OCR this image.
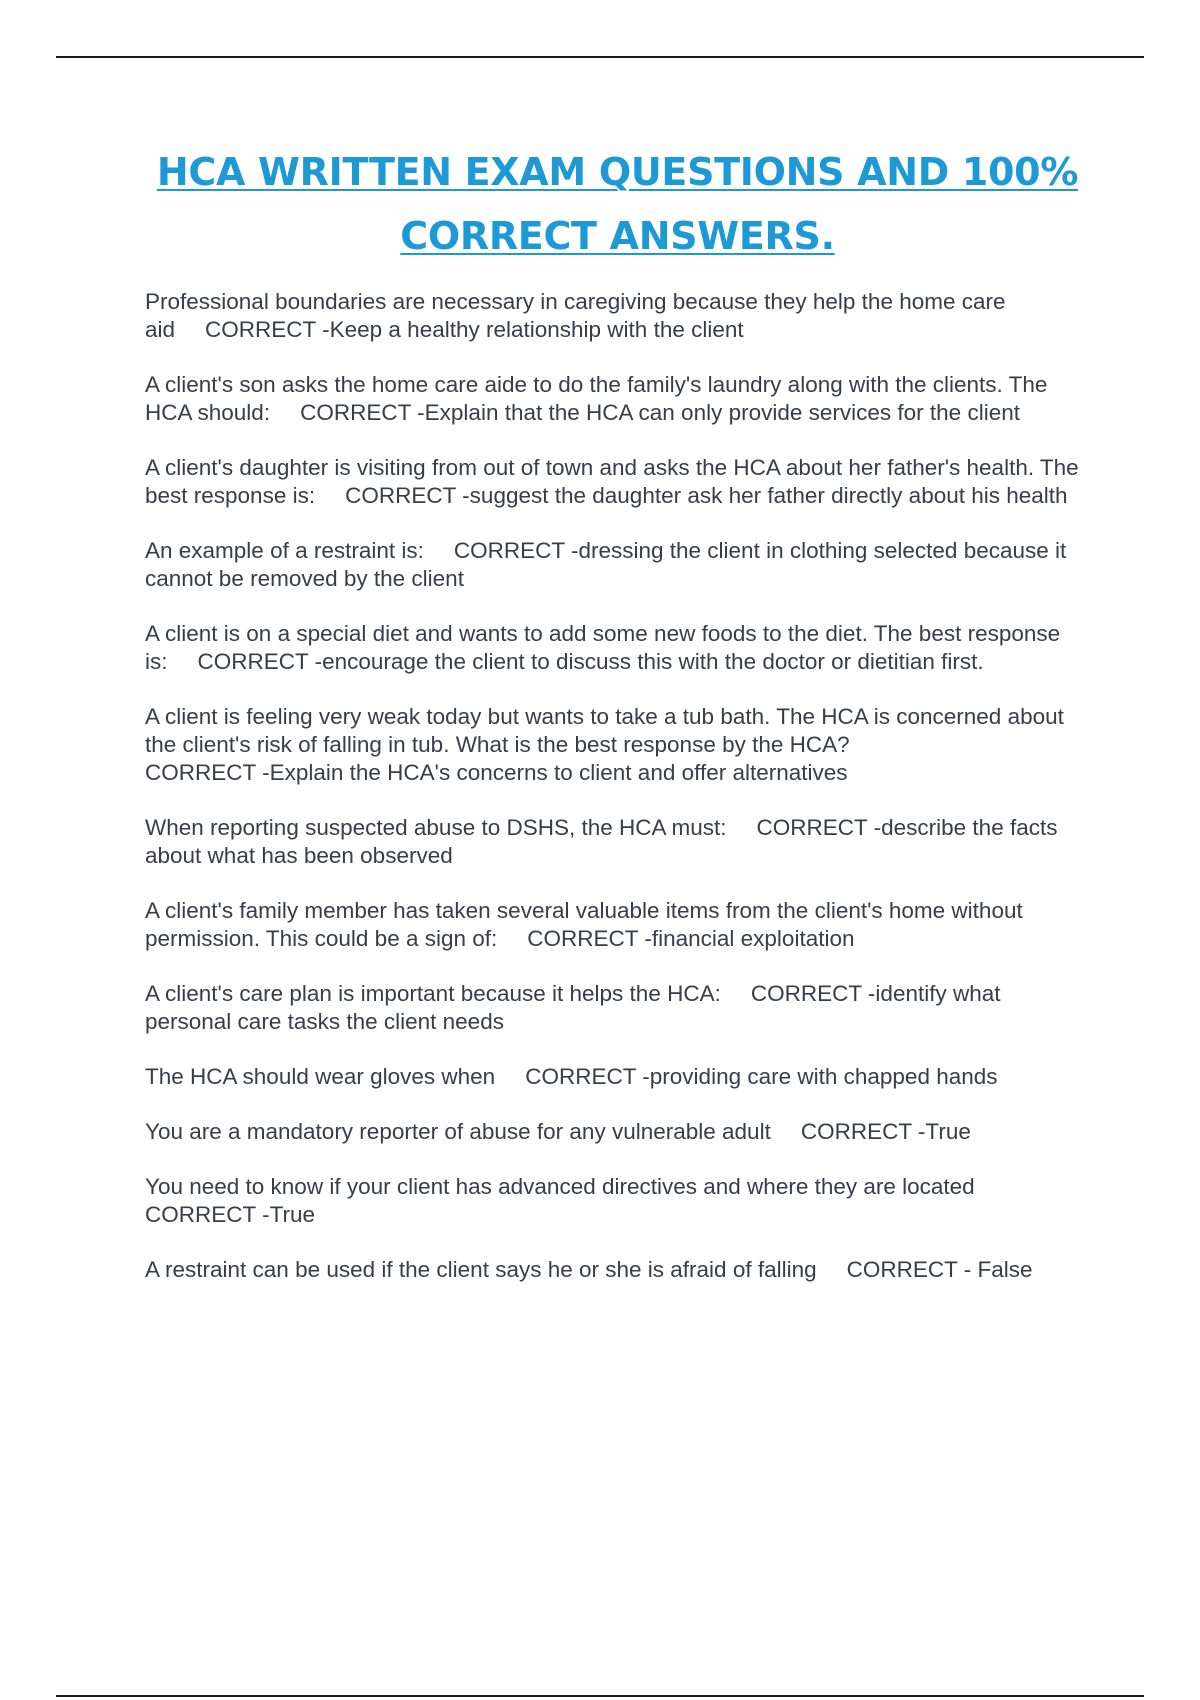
HCA WRITTEN EXAM QUESTIONS AND 100%
CORRECT ANSWERS.

Professional boundaries are necessary in caregiving because they help the home care aid CORRECT -Keep a healthy relationship with the client

A client's son asks the home care aide to do the family's laundry along with the clients. The HCA should: CORRECT -Explain that the HCA can only provide services for the client

A client's daughter is visiting from out of town and asks the HCA about her father's health. The best response is: CORRECT -suggest the daughter ask her father directly about his health

An example of a restraint is: CORRECT -dressing the client in clothing selected because it cannot be removed by the client

A client is on a special diet and wants to add some new foods to the diet. The best response is: CORRECT -encourage the client to discuss this with the doctor or dietitian first.

A client is feeling very weak today but wants to take a tub bath. The HCA is concerned about the client's risk of falling in tub. What is the best response by the HCA?
CORRECT -Explain the HCA's concerns to client and offer alternatives

When reporting suspected abuse to DSHS, the HCA must: CORRECT -describe the facts about what has been observed

A client's family member has taken several valuable items from the client's home without permission. This could be a sign of: CORRECT -financial exploitation

A client's care plan is important because it helps the HCA: CORRECT -identify what personal care tasks the client needs

The HCA should wear gloves when CORRECT -providing care with chapped hands

You are a mandatory reporter of abuse for any vulnerable adult CORRECT -True

You need to know if your client has advanced directives and where they are located
CORRECT -True

A restraint can be used if the client says he or she is afraid of falling CORRECT - False
